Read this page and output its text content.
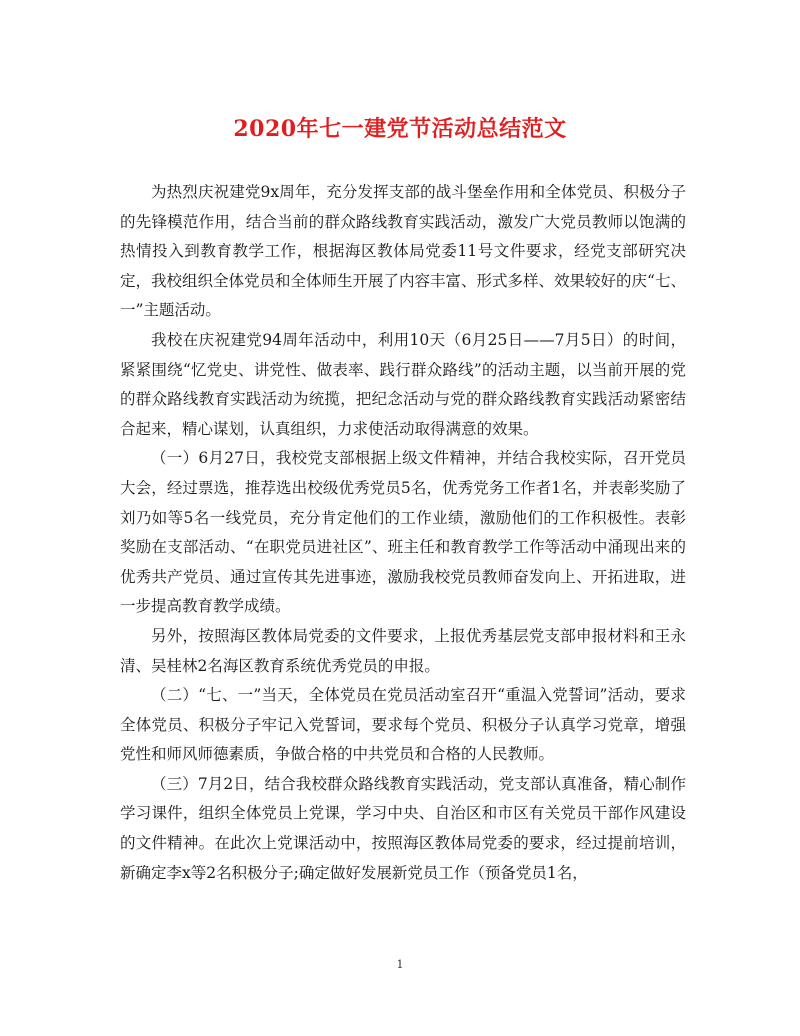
2020年七一建党节活动总结范文

为热烈庆祝建党9x周年，充分发挥支部的战斗堡垒作用和全体党员、积极分子的先锋模范作用，结合当前的群众路线教育实践活动，激发广大党员教师以饱满的热情投入到教育教学工作，根据海区教体局党委11号文件要求，经党支部研究决定，我校组织全体党员和全体师生开展了内容丰富、形式多样、效果较好的庆“七、一”主题活动。

我校在庆祝建党94周年活动中，利用10天（6月25日——7月5日）的时间，紧紧围绕“忆党史、讲党性、做表率、践行群众路线”的活动主题，以当前开展的党的群众路线教育实践活动为统揽，把纪念活动与党的群众路线教育实践活动紧密结合起来，精心谋划，认真组织，力求使活动取得满意的效果。

（一）6月27日，我校党支部根据上级文件精神，并结合我校实际，召开党员大会，经过票选，推荐选出校级优秀党员5名，优秀党务工作者1名，并表彰奖励了刘乃如等5名一线党员，充分肯定他们的工作业绩，激励他们的工作积极性。表彰奖励在支部活动、“在职党员进社区”、班主任和教育教学工作等活动中涌现出来的优秀共产党员、通过宣传其先进事迹，激励我校党员教师奋发向上、开拓进取，进一步提高教育教学成绩。

另外，按照海区教体局党委的文件要求，上报优秀基层党支部申报材料和王永清、吴桂林2名海区教育系统优秀党员的申报。

（二）“七、一”当天，全体党员在党员活动室召开“重温入党誓词”活动，要求全体党员、积极分子牢记入党誓词，要求每个党员、积极分子认真学习党章，增强党性和师风师德素质，争做合格的中共党员和合格的人民教师。

（三）7月2日，结合我校群众路线教育实践活动，党支部认真准备，精心制作学习课件，组织全体党员上党课，学习中央、自治区和市区有关党员干部作风建设的文件精神。在此次上党课活动中，按照海区教体局党委的要求，经过提前培训，新确定李x等2名积极分子;确定做好发展新党员工作（预备党员1名，

1
